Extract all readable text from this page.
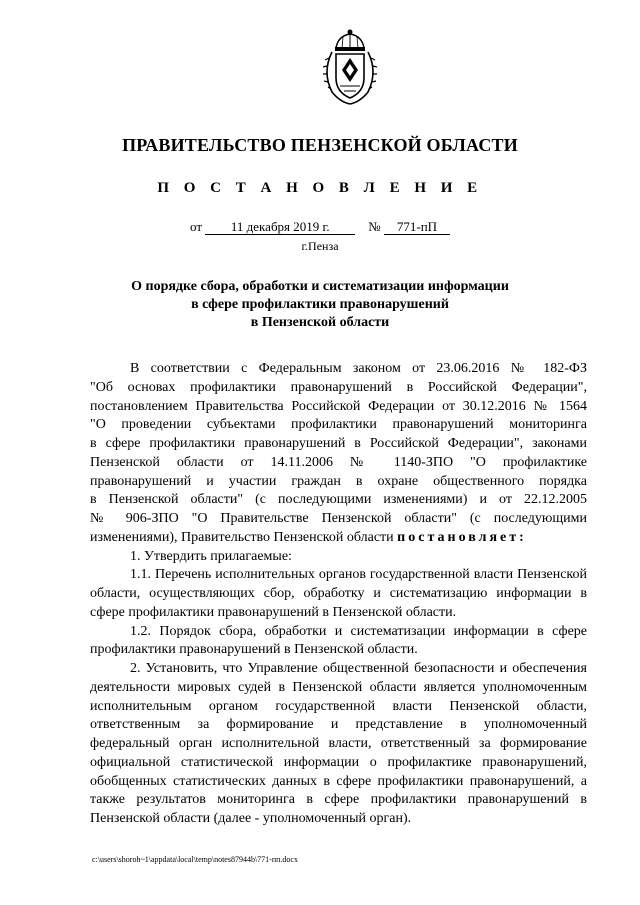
ПРАВИТЕЛЬСТВО ПЕНЗЕНСКОЙ ОБЛАСТИ
П О С Т А Н О В Л Е Н И Е
от 11 декабря 2019 г.	№ 771-пП
г.Пенза
О порядке сбора, обработки и систематизации информации
в сфере профилактики правонарушений
в Пензенской области
В соответствии с Федеральным законом от 23.06.2016 № 182-ФЗ
"Об основах профилактики правонарушений в Российской Федерации",
постановлением Правительства Российской Федерации от 30.12.2016 № 1564
"О проведении субъектами профилактики правонарушений мониторинга
в сфере профилактики правонарушений в Российской Федерации", законами
Пензенской области от 14.11.2006 № 1140-ЗПО "О профилактике
правонарушений и участии граждан в охране общественного порядка
в Пензенской области" (с последующими изменениями) и от 22.12.2005
№ 906-ЗПО "О Правительстве Пензенской области" (с последующими
изменениями), Правительство Пензенской области постановляет:
1. Утвердить прилагаемые:
1.1. Перечень исполнительных органов государственной власти Пензенской
области, осуществляющих сбор, обработку и систематизацию информации в
сфере профилактики правонарушений в Пензенской области.
1.2. Порядок сбора, обработки и систематизации информации в сфере
профилактики правонарушений в Пензенской области.
2. Установить, что Управление общественной безопасности и обеспечения
деятельности мировых судей в Пензенской области является уполномоченным
исполнительным органом государственной власти Пензенской области,
ответственным за формирование и представление в уполномоченный
федеральный орган исполнительной власти, ответственный за формирование
официальной статистической информации о профилактике правонарушений,
обобщенных статистических данных в сфере профилактики правонарушений, а
также результатов мониторинга в сфере профилактики правонарушений в
Пензенской области (далее - уполномоченный орган).
c:\users\shoroh~1\appdata\local\temp\notes87944b\771-пп.docx
